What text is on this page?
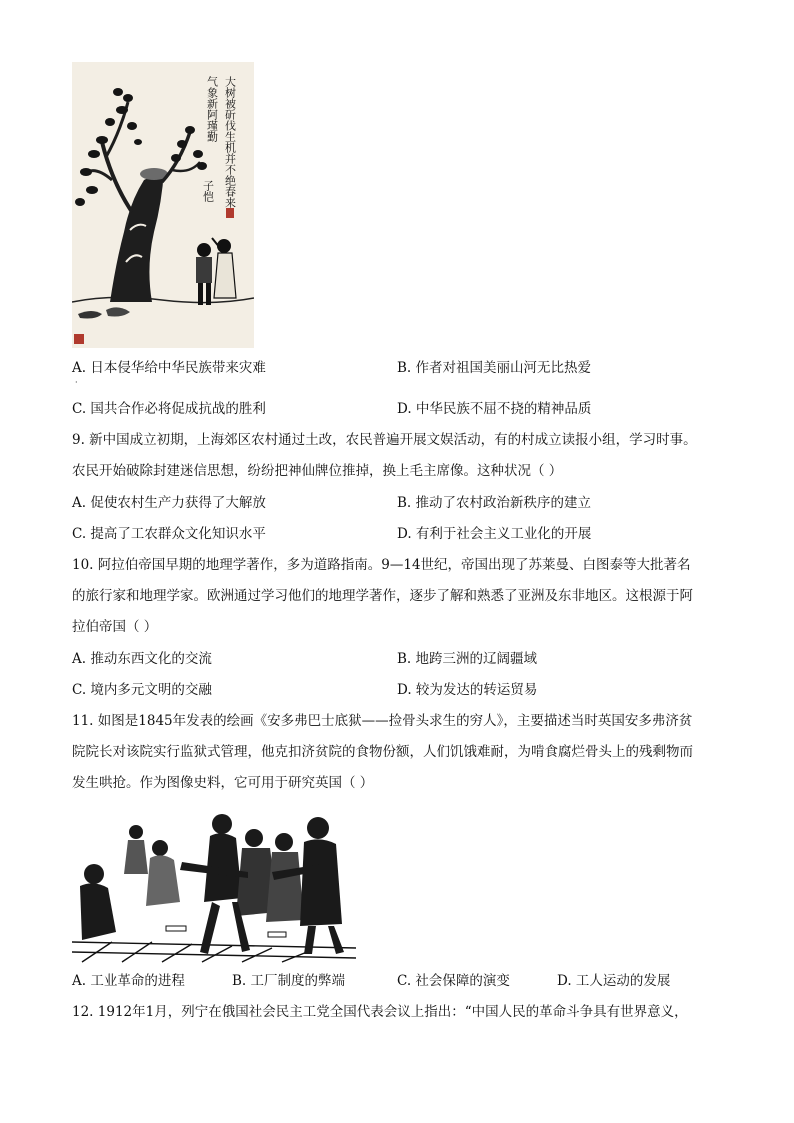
大树被斫伐生机并不绝春来
气象新阿瑾勤
子恺
·
A. 日本侵华给中华民族带来灾难	B. 作者对祖国美丽山河无比热爱
C. 国共合作必将促成抗战的胜利	D. 中华民族不屈不挠的精神品质
9. 新中国成立初期，上海郊区农村通过土改，农民普遍开展文娱活动，有的村成立读报小组，学习时事。
农民开始破除封建迷信思想，纷纷把神仙牌位推掉，换上毛主席像。这种状况（ ）
A. 促使农村生产力获得了大解放	B. 推动了农村政治新秩序的建立
C. 提高了工农群众文化知识水平	D. 有利于社会主义工业化的开展
10. 阿拉伯帝国早期的地理学著作，多为道路指南。9—14世纪，帝国出现了苏莱曼、白图泰等大批著名
的旅行家和地理学家。欧洲通过学习他们的地理学著作，逐步了解和熟悉了亚洲及东非地区。这根源于阿
拉伯帝国（ ）
A. 推动东西文化的交流	B. 地跨三洲的辽阔疆域
C. 境内多元文明的交融	D. 较为发达的转运贸易
11. 如图是1845年发表的绘画《安多弗巴士底狱——捡骨头求生的穷人》，主要描述当时英国安多弗济贫
院院长对该院实行监狱式管理，他克扣济贫院的食物份额，人们饥饿难耐，为啃食腐烂骨头上的残剩物而
发生哄抢。作为图像史料，它可用于研究英国（ ）
A. 工业革命的进程	B. 工厂制度的弊端	C. 社会保障的演变	D. 工人运动的发展
12. 1912年1月，列宁在俄国社会民主工党全国代表会议上指出：“中国人民的革命斗争具有世界意义，
